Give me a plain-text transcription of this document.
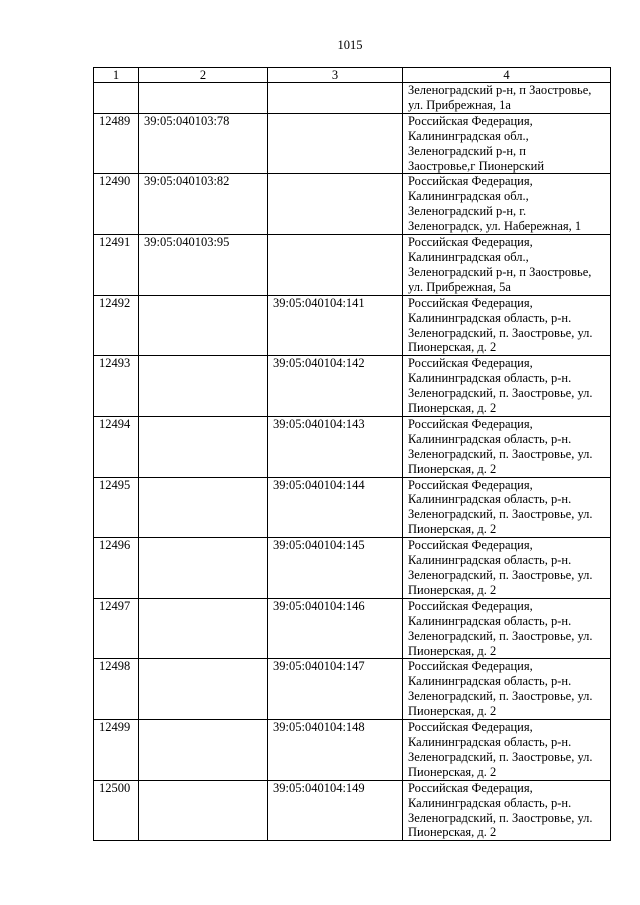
1015
1	2	3	4

			Зеленоградский р-н, п Заостровье,
ул. Прибрежная, 1а

12489	39:05:040103:78		Российская Федерация,
Калининградская обл.,
Зеленоградский р-н, п
Заостровье,г Пионерский

12490	39:05:040103:82		Российская Федерация,
Калининградская обл.,
Зеленоградский р-н, г.
Зеленоградск, ул. Набережная, 1

12491	39:05:040103:95		Российская Федерация,
Калининградская обл.,
Зеленоградский р-н, п Заостровье,
ул. Прибрежная, 5а

12492		39:05:040104:141	Российская Федерация,
Калининградская область, р-н.
Зеленоградский, п. Заостровье, ул.
Пионерская, д. 2

12493		39:05:040104:142	Российская Федерация,
Калининградская область, р-н.
Зеленоградский, п. Заостровье, ул.
Пионерская, д. 2

12494		39:05:040104:143	Российская Федерация,
Калининградская область, р-н.
Зеленоградский, п. Заостровье, ул.
Пионерская, д. 2

12495		39:05:040104:144	Российская Федерация,
Калининградская область, р-н.
Зеленоградский, п. Заостровье, ул.
Пионерская, д. 2

12496		39:05:040104:145	Российская Федерация,
Калининградская область, р-н.
Зеленоградский, п. Заостровье, ул.
Пионерская, д. 2

12497		39:05:040104:146	Российская Федерация,
Калининградская область, р-н.
Зеленоградский, п. Заостровье, ул.
Пионерская, д. 2

12498		39:05:040104:147	Российская Федерация,
Калининградская область, р-н.
Зеленоградский, п. Заостровье, ул.
Пионерская, д. 2

12499		39:05:040104:148	Российская Федерация,
Калининградская область, р-н.
Зеленоградский, п. Заостровье, ул.
Пионерская, д. 2

12500		39:05:040104:149	Российская Федерация,
Калининградская область, р-н.
Зеленоградский, п. Заостровье, ул.
Пионерская, д. 2
